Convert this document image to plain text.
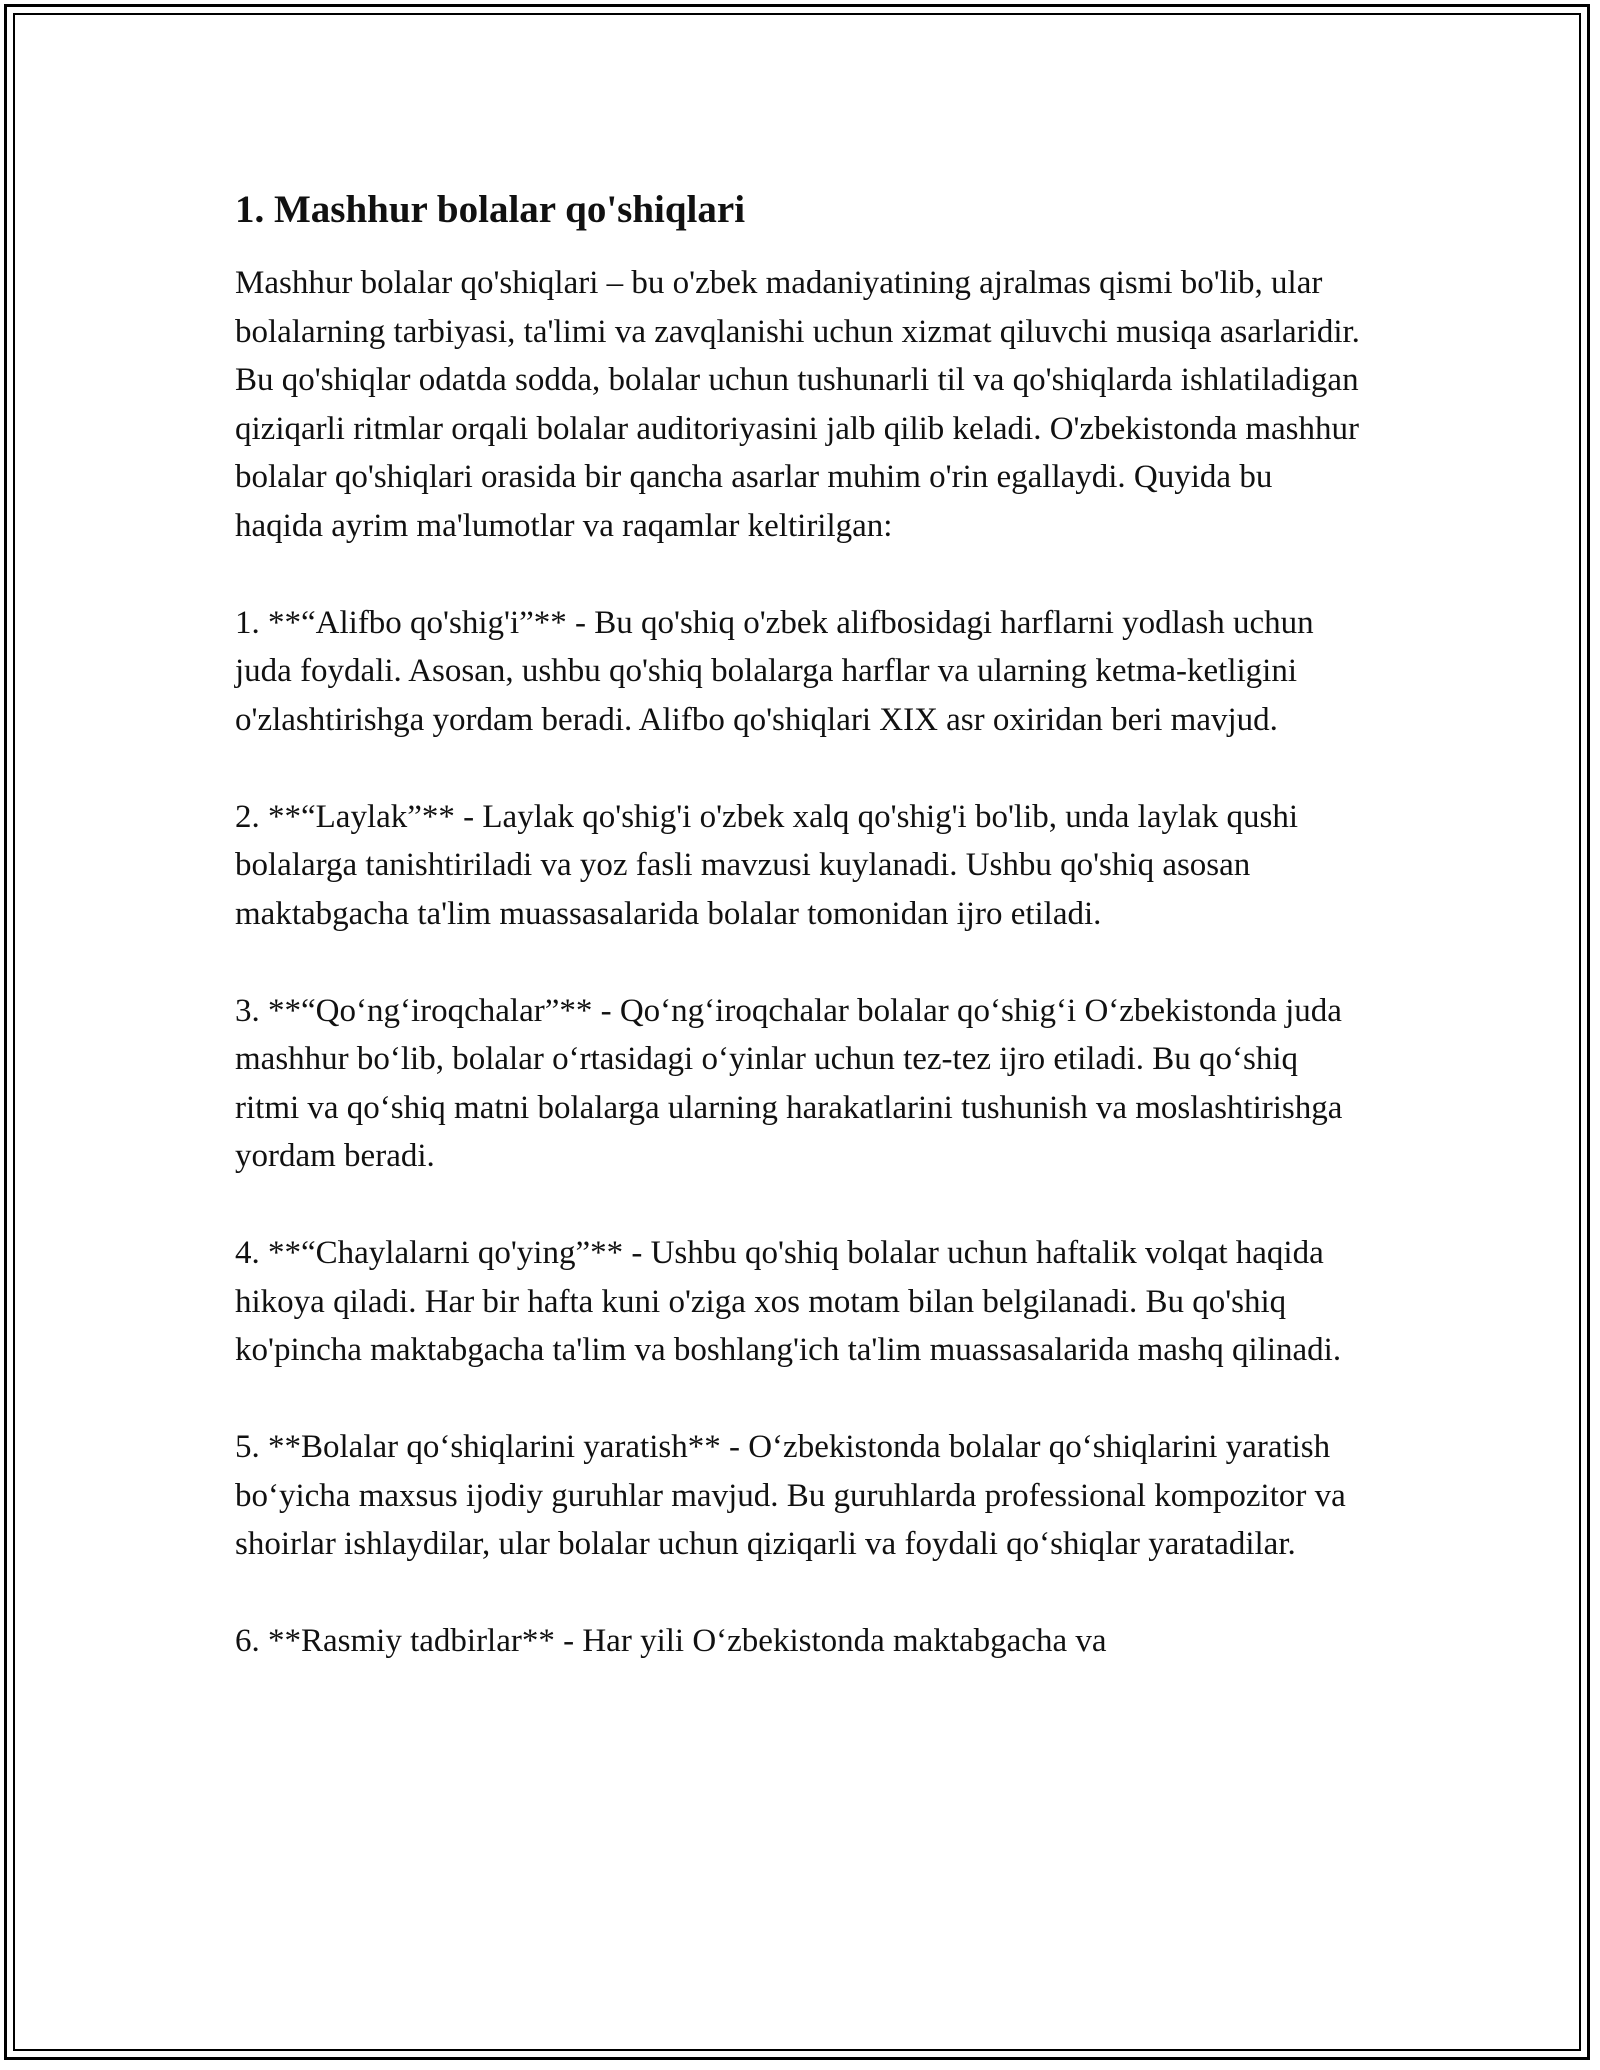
1. Mashhur bolalar qo'shiqlari

Mashhur bolalar qo'shiqlari – bu o'zbek madaniyatining ajralmas qismi bo'lib, ular bolalarning tarbiyasi, ta'limi va zavqlanishi uchun xizmat qiluvchi musiqa asarlaridir. Bu qo'shiqlar odatda sodda, bolalar uchun tushunarli til va qo'shiqlarda ishlatiladigan qiziqarli ritmlar orqali bolalar auditoriyasini jalb qilib keladi. O'zbekistonda mashhur bolalar qo'shiqlari orasida bir qancha asarlar muhim o'rin egallaydi. Quyida bu haqida ayrim ma'lumotlar va raqamlar keltirilgan:

1. **“Alifbo qo'shig'i”** - Bu qo'shiq o'zbek alifbosidagi harflarni yodlash uchun juda foydali. Asosan, ushbu qo'shiq bolalarga harflar va ularning ketma-ketligini o'zlashtirishga yordam beradi. Alifbo qo'shiqlari XIX asr oxiridan beri mavjud.

2. **“Laylak”** - Laylak qo'shig'i o'zbek xalq qo'shig'i bo'lib, unda laylak qushi bolalarga tanishtiriladi va yoz fasli mavzusi kuylanadi. Ushbu qo'shiq asosan maktabgacha ta'lim muassasalarida bolalar tomonidan ijro etiladi.

3. **“Qo‘ng‘iroqchalar”** - Qo‘ng‘iroqchalar bolalar qo‘shig‘i O‘zbekistonda juda mashhur bo‘lib, bolalar o‘rtasidagi o‘yinlar uchun tez-tez ijro etiladi. Bu qo‘shiq ritmi va qo‘shiq matni bolalarga ularning harakatlarini tushunish va moslashtirishga yordam beradi.

4. **“Chaylalarni qo'ying”** - Ushbu qo'shiq bolalar uchun haftalik volqat haqida hikoya qiladi. Har bir hafta kuni o'ziga xos motam bilan belgilanadi. Bu qo'shiq ko'pincha maktabgacha ta'lim va boshlang'ich ta'lim muassasalarida mashq qilinadi.

5. **Bolalar qo‘shiqlarini yaratish** - O‘zbekistonda bolalar qo‘shiqlarini yaratish bo‘yicha maxsus ijodiy guruhlar mavjud. Bu guruhlarda professional kompozitor va shoirlar ishlaydilar, ular bolalar uchun qiziqarli va foydali qo‘shiqlar yaratadilar.

6. **Rasmiy tadbirlar** - Har yili O‘zbekistonda maktabgacha va
